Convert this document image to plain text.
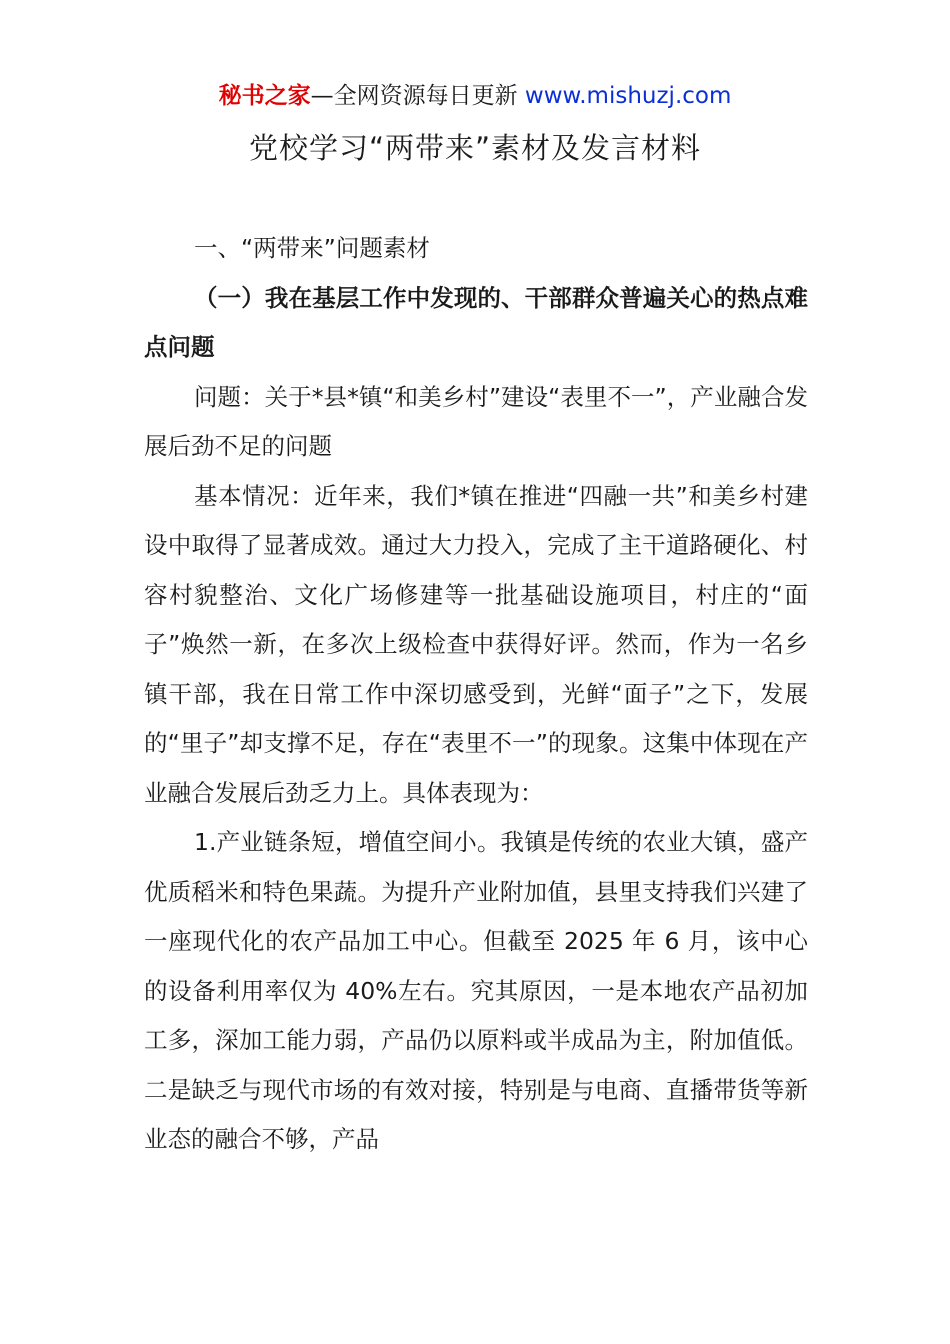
秘书之家—全网资源每日更新 www.mishuzj.com
党校学习“两带来”素材及发言材料

一、“两带来”问题素材

（一）我在基层工作中发现的、干部群众普遍关心的热点难点问题

问题：关于*县*镇“和美乡村”建设“表里不一”，产业融合发展后劲不足的问题

基本情况：近年来，我们*镇在推进“四融一共”和美乡村建设中取得了显著成效。通过大力投入，完成了主干道路硬化、村容村貌整治、文化广场修建等一批基础设施项目，村庄的“面子”焕然一新，在多次上级检查中获得好评。然而，作为一名乡镇干部，我在日常工作中深切感受到，光鲜“面子”之下，发展的“里子”却支撑不足，存在“表里不一”的现象。这集中体现在产业融合发展后劲乏力上。具体表现为：

1.产业链条短，增值空间小。我镇是传统的农业大镇，盛产优质稻米和特色果蔬。为提升产业附加值，县里支持我们兴建了一座现代化的农产品加工中心。但截至 2025 年 6 月，该中心的设备利用率仅为 40%左右。究其原因，一是本地农产品初加工多，深加工能力弱，产品仍以原料或半成品为主，附加值低。二是缺乏与现代市场的有效对接，特别是与电商、直播带货等新业态的融合不够，产品
